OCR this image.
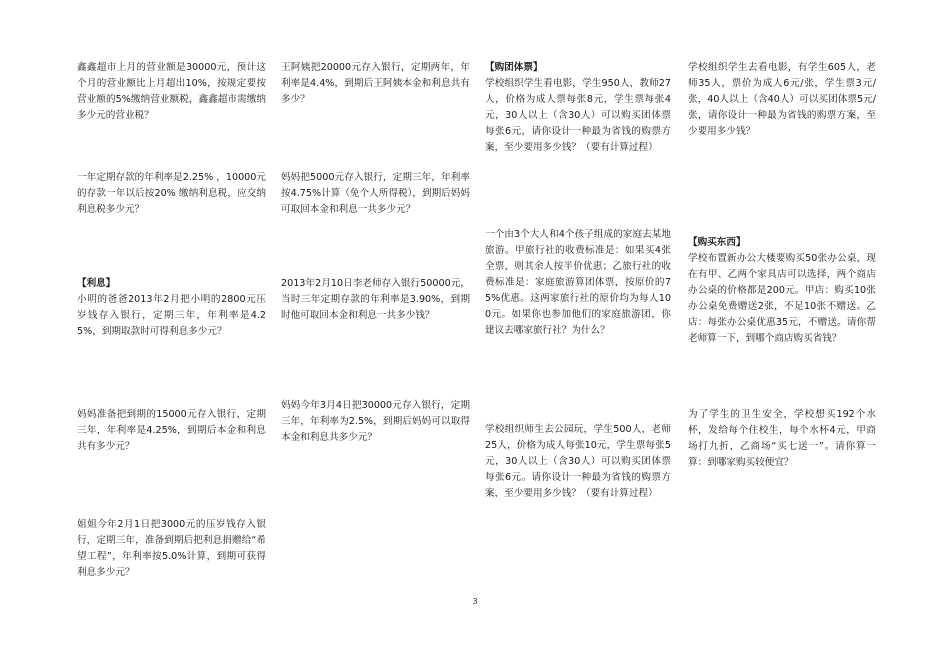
鑫鑫超市上月的营业额是30000元，预计这个月的营业额比上月超出10%，按规定要按营业额的5%缴纳营业额税，鑫鑫超市需缴纳多少元的营业税？
一年定期存款的年利率是2.25% ，10000元的存款一年以后按20% 缴纳利息税，应交纳利息税多少元？
【利息】
小明的爸爸2013年2月把小明的2800元压岁钱存入银行，定期三年，年利率是4.25%，到期取款时可得利息多少元？
妈妈准备把到期的15000元存入银行，定期三年，年利率是4.25%，到期后本金和利息共有多少元？
姐姐今年2月1日把3000元的压岁钱存入银行，定期三年，准备到期后把利息捐赠给“希望工程”，年利率按5.0%计算，到期可获得利息多少元？
王阿姨把20000元存入银行，定期两年，年利率是4.4%，到期后王阿姨本金和利息共有多少？
妈妈把5000元存入银行，定期三年，年利率按4.75%计算（免个人所得税），到期后妈妈可取回本金和利息一共多少元？
2013年2月10日李老师存入银行50000元，当时三年定期存款的年利率是3.90%，到期时他可取回本金和利息一共多少钱？
妈妈今年3月4日把30000元存入银行，定期三年，年利率为2.5%，到期后妈妈可以取得本金和利息共多少元？
【购团体票】
学校组织学生看电影，学生950人，教师27人，价格为成人票每张8元，学生票每张4元，30人以上（含30人）可以购买团体票每张6元，请你设计一种最为省钱的购票方案，至少要用多少钱？（要有计算过程）
一个由3个大人和4个孩子组成的家庭去某地旅游。甲旅行社的收费标准是：如果买4张全票，则其余人按半价优惠；乙旅行社的收费标准是：家庭旅游算团体票，按原价的75%优惠。这两家旅行社的原价均为每人100元。如果你也参加他们的家庭旅游团，你建议去哪家旅行社？为什么？
学校组织师生去公园玩，学生500人，老师25人，价格为成人每张10元，学生票每张5元，30人以上（含30人）可以购买团体票每张6元。请你设计一种最为省钱的购票方案，至少要用多少钱？（要有计算过程）
学校组织学生去看电影，有学生605人，老师35人，票价为成人6元/张，学生票3元/张，40人以上（含40人）可以买团体票5元/张，请你设计一种最为省钱的购票方案，至少要用多少钱？
【购买东西】
学校布置新办公大楼要购买50张办公桌，现在有甲、乙两个家具店可以选择，两个商店办公桌的价格都是200元。甲店：购买10张办公桌免费赠送2张，不足10张不赠送。乙店：每张办公桌优惠35元，不赠送。请你帮老师算一下，到哪个商店购买省钱？
为了学生的卫生安全，学校想买192个水杯，发给每个住校生，每个水杯4元，甲商场打九折，乙商场“买七送一”。请你算一算：到哪家购买较便宜？
3
